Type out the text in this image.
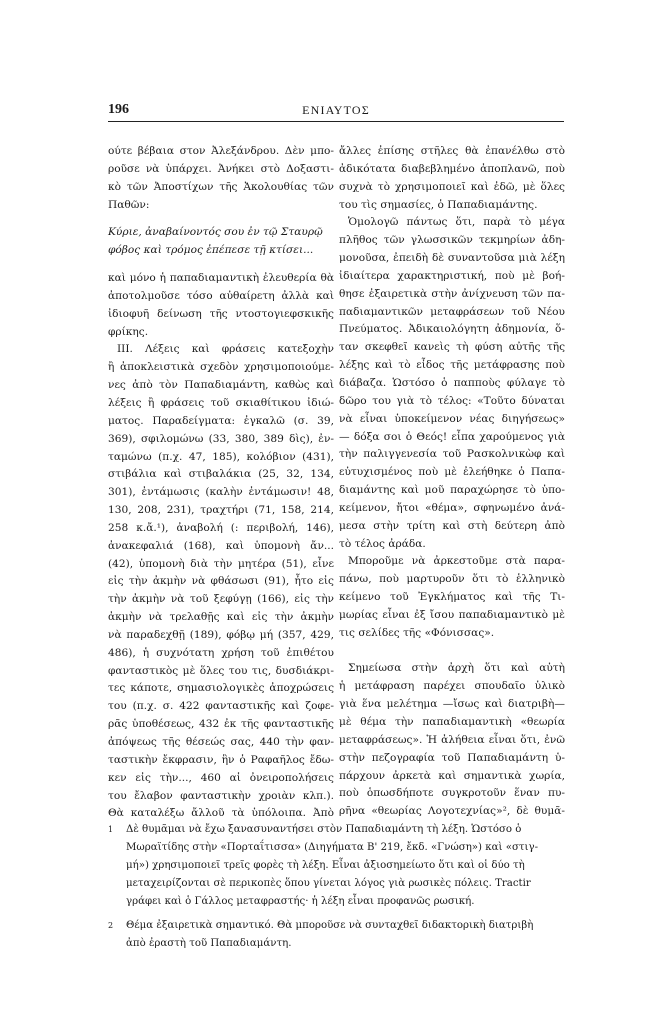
196	ΕΝΙΑΥΤΟΣ
ούτε βέβαια στον Ἀλεξάνδρου. Δὲν μπο-
ροῦσε νὰ ὑπάρχει. Ἀνήκει στὸ Δοξαστι-
κὸ τῶν Ἀποστίχων τῆς Ἀκολουθίας τῶν
Παθῶν:
Κύριε, ἀναβαίνοντός σου ἐν τῷ Σταυρῷ
φόβος καὶ τρόμος ἐπέπεσε τῇ κτίσει...
καὶ μόνο ἡ παπαδιαμαντικὴ ἐλευθερία θὰ
ἀποτολμοῦσε τόσο αὐθαίρετη ἀλλὰ καὶ
ἰδιοφυῆ δείνωση τῆς ντοστογιεφσκικῆς
φρίκης.
III. Λέξεις καὶ φράσεις κατεξοχὴν
ἢ ἀποκλειστικὰ σχεδὸν χρησιμοποιούμε-
νες ἀπὸ τὸν Παπαδιαμάντη, καθὼς καὶ
λέξεις ἢ φράσεις τοῦ σκιαθίτικου ἰδιώ-
ματος. Παραδείγματα: ἐγκαλῶ (σ. 39,
369), σφιλομώνω (33, 380, 389 δὶς), ἐν-
ταμώνω (π.χ. 47, 185), κολόβιον (431),
στιβάλια καὶ στιβαλάκια (25, 32, 134,
301), ἐντάμωσις (καλὴν ἐντάμωσιν! 48,
130, 208, 231), τραχτήρι (71, 158, 214,
258 κ.ἄ.¹), ἀναβολή (: περιβολή, 146),
ἀνακεφαλιά (168), καὶ ὑπομονὴ ἄν...
(42), ὑπομονὴ διὰ τὴν μητέρα (51), εἶνε
εἰς τὴν ἀκμὴν νὰ φθάσωσι (91), ἦτο εἰς
τὴν ἀκμὴν νὰ τοῦ ξεφύγῃ (166), εἰς τὴν
ἀκμὴν νὰ τρελαθῇς καὶ εἰς τὴν ἀκμὴν
νὰ παραδεχθῇ (189), φόβῳ μή (357, 429,
486), ἡ συχνότατη χρήση τοῦ ἐπιθέτου
φανταστικὸς μὲ ὅλες του τις, δυσδιάκρι-
τες κάποτε, σημασιολογικὲς ἀποχρώσεις
του (π.χ. σ. 422 φανταστικῆς καὶ ζοφε-
ρᾶς ὑποθέσεως, 432 ἐκ τῆς φανταστικῆς
ἀπόψεως τῆς θέσεώς σας, 440 τὴν φαν-
ταστικὴν ἔκφρασιν, ἣν ὁ Ραφαῆλος ἔδω-
κεν εἰς τὴν..., 460 αἱ ὀνειροπολήσεις
του ἔλαβον φανταστικὴν χροιὰν κλπ.).
Θὰ καταλέξω ἄλλοῦ τὰ ὑπόλοιπα. Ἀπὸ
ἄλλες ἐπίσης στῆλες θὰ ἐπανέλθω στὸ
ἀδικότατα διαβεβλημένο ἀποπλανῶ, ποὺ
συχνὰ τὸ χρησιμοποιεῖ καὶ ἐδῶ, μὲ ὅλες
του τὶς σημασίες, ὁ Παπαδιαμάντης.
Ὁμολογῶ πάντως ὅτι, παρὰ τὸ μέγα
πλῆθος τῶν γλωσσικῶν τεκμηρίων ἀδη-
μονοῦσα, ἐπειδὴ δὲ συναντοῦσα μιὰ λέξη
ἰδιαίτερα χαρακτηριστική, ποὺ μὲ βοή-
θησε ἐξαιρετικὰ στὴν ἀνίχνευση τῶν πα-
παδιαμαντικῶν μεταφράσεων τοῦ Νέου
Πνεύματος. Ἀδικαιολόγητη ἀδημονία, ὅ-
ταν σκεφθεῖ κανεὶς τὴ φύση αὐτῆς τῆς
λέξης καὶ τὸ εἶδος τῆς μετάφρασης ποὺ
διάβαζα. Ὡστόσο ὁ παπποὺς φύλαγε τὸ
δῶρο του γιὰ τὸ τέλος: «Τοῦτο δύναται
νὰ εἶναι ὑποκείμενον νέας διηγήσεως»
— δόξα σοι ὁ Θεός! εἶπα χαρούμενος γιὰ
τὴν παλιγγενεσία τοῦ Ρασκολνικὼφ καὶ
εὐτυχισμένος ποὺ μὲ ἐλεήθηκε ὁ Παπα-
διαμάντης καὶ μοῦ παραχώρησε τὸ ὑπο-
κείμενον, ἤτοι «θέμα», σφηνωμένο ἀνά-
μεσα στὴν τρίτη καὶ στὴ δεύτερη ἀπὸ
τὸ τέλος ἀράδα.
Μποροῦμε νὰ ἀρκεστοῦμε στὰ παρα-
πάνω, ποὺ μαρτυροῦν ὅτι τὸ ἑλληνικὸ
κείμενο τοῦ Ἐγκλήματος καὶ τῆς Τι-
μωρίας εἶναι ἐξ ἴσου παπαδιαμαντικὸ μὲ
τις σελίδες τῆς «Φόνισσας».
Σημείωσα στὴν ἀρχὴ ὅτι καὶ αὐτὴ
ἡ μετάφραση παρέχει σπουδαῖο ὑλικὸ
γιὰ ἕνα μελέτημα —ἴσως καὶ διατριβὴ—
μὲ θέμα τὴν παπαδιαμαντικὴ «θεωρία
μεταφράσεως». Ἡ ἀλήθεια εἶναι ὅτι, ἐνῶ
στὴν πεζογραφία τοῦ Παπαδιαμάντη ὑ-
πάρχουν ἀρκετὰ καὶ σημαντικὰ χωρία,
ποὺ ὁπωσδήποτε συγκροτοῦν ἕναν πυ-
ρῆνα «θεωρίας Λογοτεχνίας»², δὲ θυμᾶ-
1 Δὲ θυμᾶμαι νὰ ἔχω ξανασυναντήσει στὸν Παπαδιαμάντη τὴ λέξη. Ὡστόσο ὁ
Μωραϊτίδης στὴν «Πορταΐτισσα» (Διηγήματα Β' 219, ἔκδ. «Γνώση») καὶ «στιγ-
μή») χρησιμοποιεῖ τρεῖς φορὲς τὴ λέξη. Εἶναι ἀξιοσημείωτο ὅτι καὶ οἱ δύο τὴ
μεταχειρίζονται σὲ περικοπὲς ὅπου γίνεται λόγος γιὰ ρωσικὲς πόλεις. Tractir
γράφει καὶ ὁ Γάλλος μεταφραστής· ἡ λέξη εἶναι προφανῶς ρωσική.
2 Θέμα ἐξαιρετικὰ σημαντικό. Θὰ μποροῦσε νὰ συνταχθεῖ διδακτορικὴ διατριβὴ
ἀπὸ ἐραστὴ τοῦ Παπαδιαμάντη.
